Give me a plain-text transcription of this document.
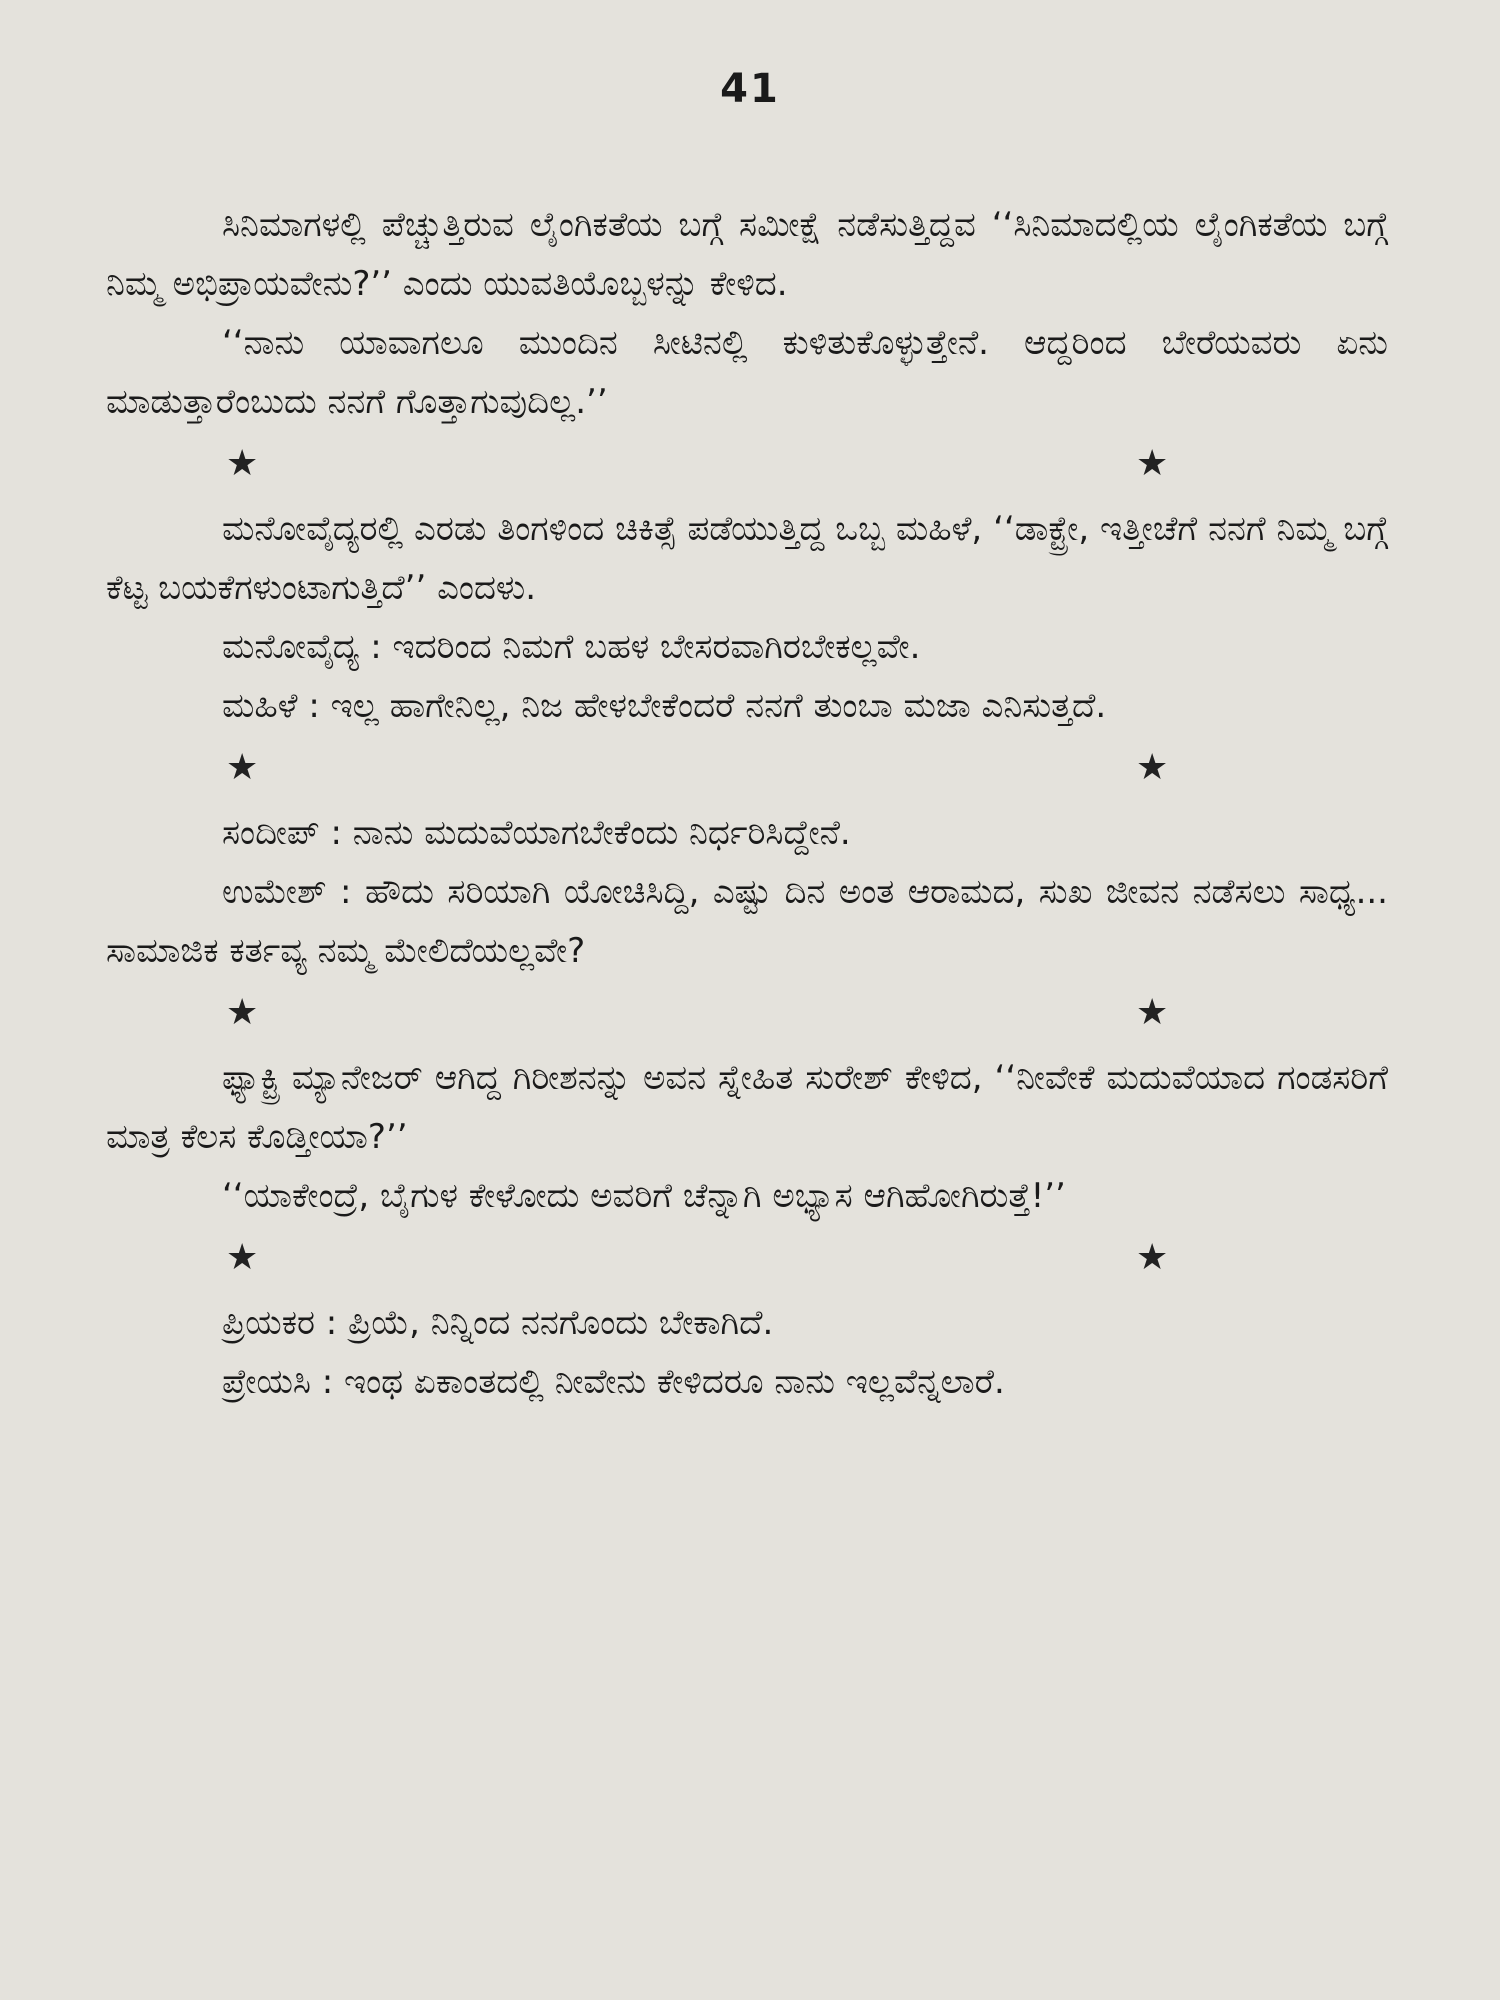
41

ಸಿನಿಮಾಗಳಲ್ಲಿ ಪೆಚ್ಚುತ್ತಿರುವ ಲೈಂಗಿಕತೆಯ ಬಗ್ಗೆ ಸಮೀಕ್ಷೆ ನಡೆಸುತ್ತಿದ್ದವ ‘‘ಸಿನಿಮಾದಲ್ಲಿಯ ಲೈಂಗಿಕತೆಯ ಬಗ್ಗೆ ನಿಮ್ಮ ಅಭಿಪ್ರಾಯವೇನು?’’ ಎಂದು ಯುವತಿಯೊಬ್ಬಳನ್ನು ಕೇಳಿದ.

‘‘ನಾನು ಯಾವಾಗಲೂ ಮುಂದಿನ ಸೀಟಿನಲ್ಲಿ ಕುಳಿತುಕೊಳ್ಳುತ್ತೇನೆ. ಆದ್ದರಿಂದ ಬೇರೆಯವರು ಏನು ಮಾಡುತ್ತಾರೆಂಬುದು ನನಗೆ ಗೊತ್ತಾಗುವುದಿಲ್ಲ.’’

★	★

ಮನೋವೈದ್ಯರಲ್ಲಿ ಎರಡು ತಿಂಗಳಿಂದ ಚಿಕಿತ್ಸೆ ಪಡೆಯುತ್ತಿದ್ದ ಒಬ್ಬ ಮಹಿಳೆ, ‘‘ಡಾಕ್ಟ್ರೇ, ಇತ್ತೀಚೆಗೆ ನನಗೆ ನಿಮ್ಮ ಬಗ್ಗೆ ಕೆಟ್ಟ ಬಯಕೆಗಳುಂಟಾಗುತ್ತಿದೆ’’ ಎಂದಳು.

ಮನೋವೈದ್ಯ : ಇದರಿಂದ ನಿಮಗೆ ಬಹಳ ಬೇಸರವಾಗಿರಬೇಕಲ್ಲವೇ.

ಮಹಿಳೆ : ಇಲ್ಲ ಹಾಗೇನಿಲ್ಲ, ನಿಜ ಹೇಳಬೇಕೆಂದರೆ ನನಗೆ ತುಂಬಾ ಮಜಾ ಎನಿಸುತ್ತದೆ.

★	★

ಸಂದೀಪ್ : ನಾನು ಮದುವೆಯಾಗಬೇಕೆಂದು ನಿರ್ಧರಿಸಿದ್ದೇನೆ.

ಉಮೇಶ್ : ಹೌದು ಸರಿಯಾಗಿ ಯೋಚಿಸಿದ್ದಿ, ಎಷ್ಟು ದಿನ ಅಂತ ಆರಾಮದ, ಸುಖ ಜೀವನ ನಡೆಸಲು ಸಾಧ್ಯ... ಸಾಮಾಜಿಕ ಕರ್ತವ್ಯ ನಮ್ಮ ಮೇಲಿದೆಯಲ್ಲವೇ?

★	★

ಫ್ಯಾಕ್ಟ್ರಿ ಮ್ಯಾನೇಜರ್ ಆಗಿದ್ದ ಗಿರೀಶನನ್ನು ಅವನ ಸ್ನೇಹಿತ ಸುರೇಶ್ ಕೇಳಿದ, ‘‘ನೀವೇಕೆ ಮದುವೆಯಾದ ಗಂಡಸರಿಗೆ ಮಾತ್ರ ಕೆಲಸ ಕೊಡ್ತೀಯಾ?’’

‘‘ಯಾಕೇಂದ್ರೆ, ಬೈಗುಳ ಕೇಳೋದು ಅವರಿಗೆ ಚೆನ್ನಾಗಿ ಅಭ್ಯಾಸ ಆಗಿಹೋಗಿರುತ್ತೆ!’’

★	★

ಪ್ರಿಯಕರ : ಪ್ರಿಯೆ, ನಿನ್ನಿಂದ ನನಗೊಂದು ಬೇಕಾಗಿದೆ.

ಪ್ರೇಯಸಿ : ಇಂಥ ಏಕಾಂತದಲ್ಲಿ ನೀವೇನು ಕೇಳಿದರೂ ನಾನು ಇಲ್ಲವೆನ್ನಲಾರೆ.
